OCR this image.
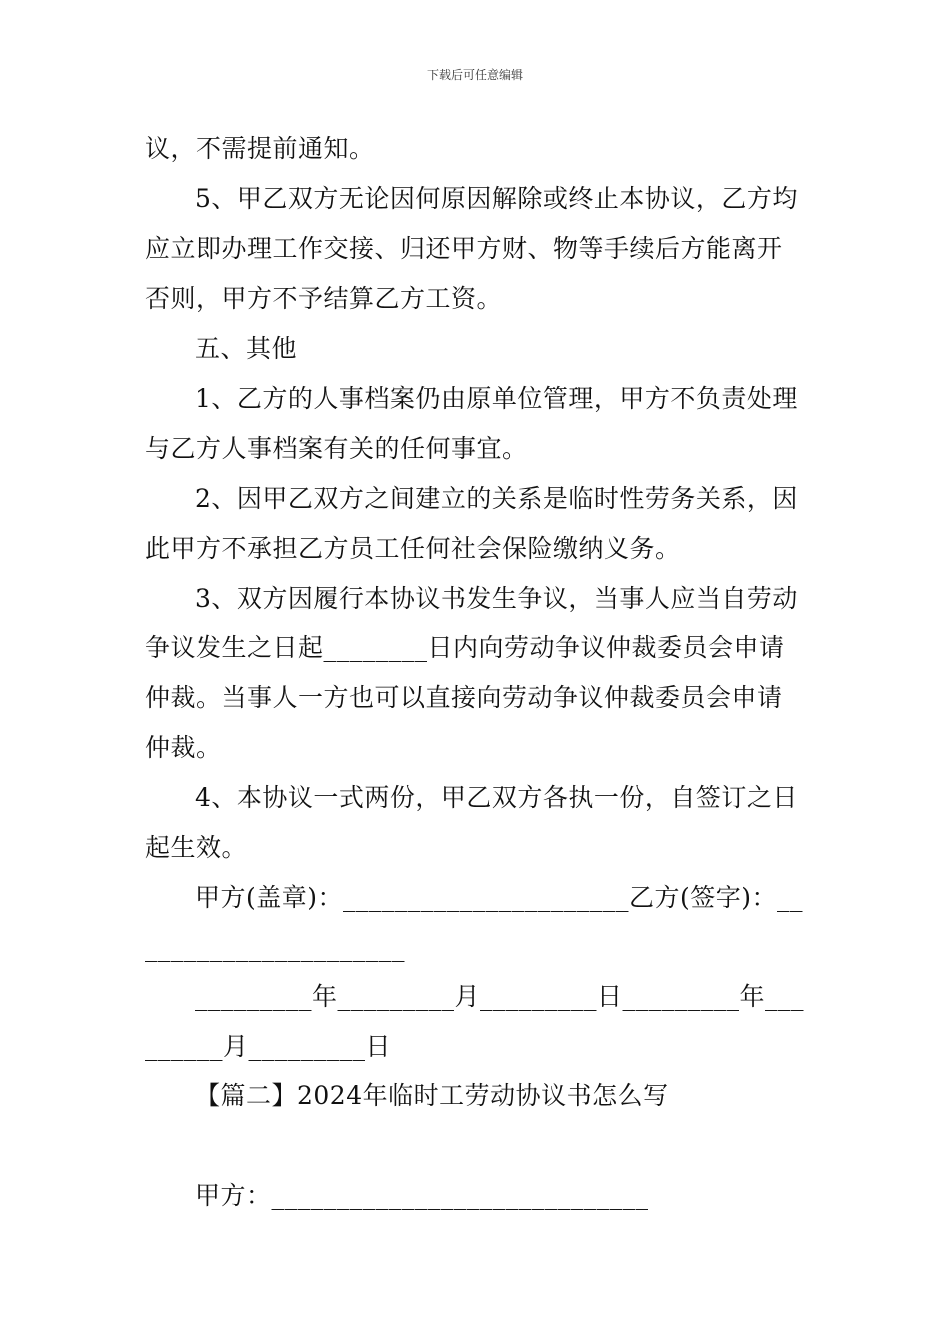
下载后可任意编辑
议，不需提前通知。
5、甲乙双方无论因何原因解除或终止本协议，乙方均
应立即办理工作交接、归还甲方财、物等手续后方能离开
否则，甲方不予结算乙方工资。
五、其他
1、乙方的人事档案仍由原单位管理，甲方不负责处理
与乙方人事档案有关的任何事宜。
2、因甲乙双方之间建立的关系是临时性劳务关系，因
此甲方不承担乙方员工任何社会保险缴纳义务。
3、双方因履行本协议书发生争议，当事人应当自劳动
争议发生之日起________日内向劳动争议仲裁委员会申请
仲裁。当事人一方也可以直接向劳动争议仲裁委员会申请
仲裁。
4、本协议一式两份，甲乙双方各执一份，自签订之日
起生效。
甲方(盖章)：______________________乙方(签字)：__
____________________
_________年_________月_________日_________年___
______月_________日
【篇二】2024年临时工劳动协议书怎么写
甲方：_____________________________
